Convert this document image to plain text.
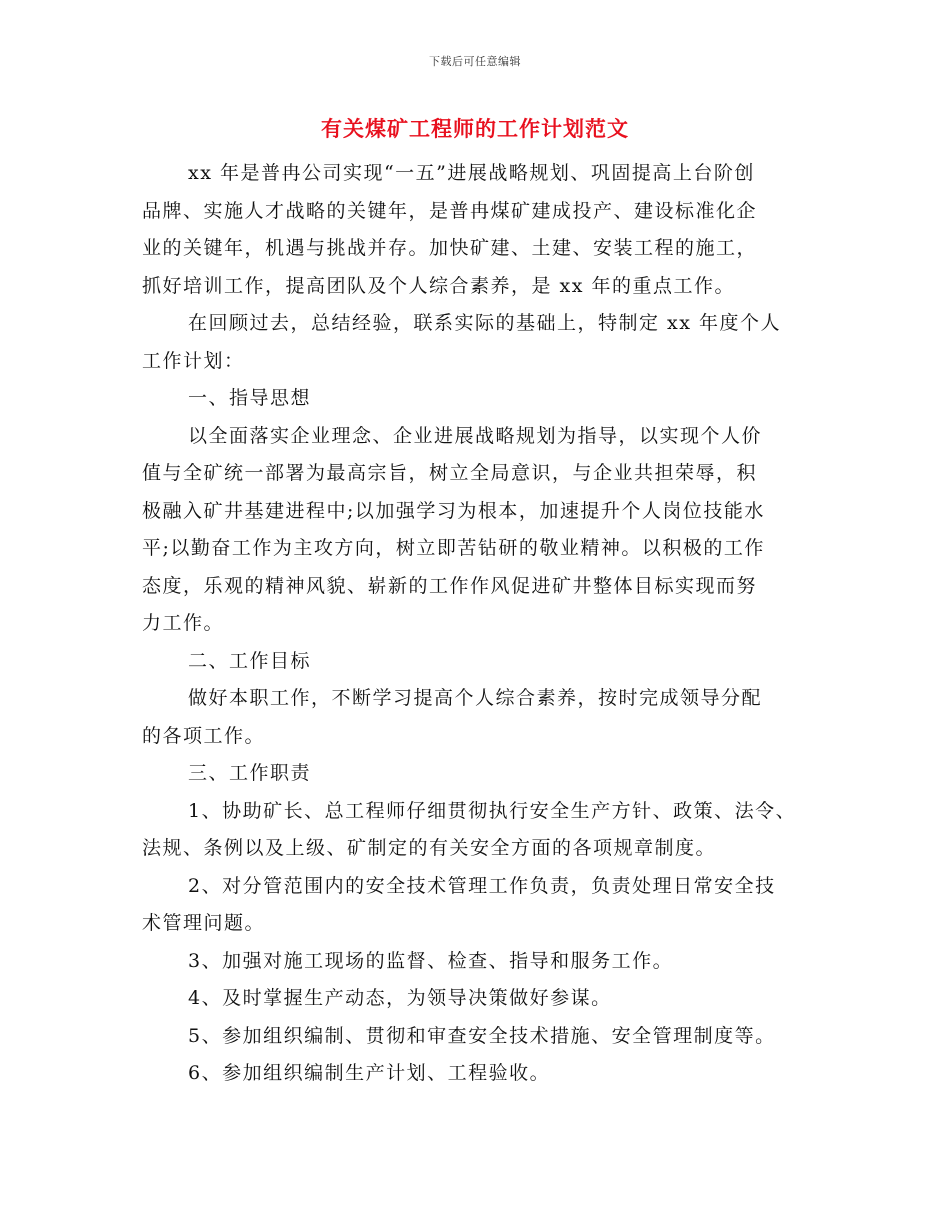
下载后可任意编辑
有关煤矿工程师的工作计划范文
xx 年是普冉公司实现“一五”进展战略规划、巩固提高上台阶创
品牌、实施人才战略的关键年，是普冉煤矿建成投产、建设标准化企
业的关键年，机遇与挑战并存。加快矿建、土建、安装工程的施工，
抓好培训工作，提高团队及个人综合素养，是 xx 年的重点工作。
在回顾过去，总结经验，联系实际的基础上，特制定 xx 年度个人
工作计划：
一、指导思想
以全面落实企业理念、企业进展战略规划为指导，以实现个人价
值与全矿统一部署为最高宗旨，树立全局意识，与企业共担荣辱，积
极融入矿井基建进程中;以加强学习为根本，加速提升个人岗位技能水
平;以勤奋工作为主攻方向，树立即苦钻研的敬业精神。以积极的工作
态度，乐观的精神风貌、崭新的工作作风促进矿井整体目标实现而努
力工作。
二、工作目标
做好本职工作，不断学习提高个人综合素养，按时完成领导分配
的各项工作。
三、工作职责
1、协助矿长、总工程师仔细贯彻执行安全生产方针、政策、法令、
法规、条例以及上级、矿制定的有关安全方面的各项规章制度。
2、对分管范围内的安全技术管理工作负责，负责处理日常安全技
术管理问题。
3、加强对施工现场的监督、检查、指导和服务工作。
4、及时掌握生产动态，为领导决策做好参谋。
5、参加组织编制、贯彻和审查安全技术措施、安全管理制度等。
6、参加组织编制生产计划、工程验收。
